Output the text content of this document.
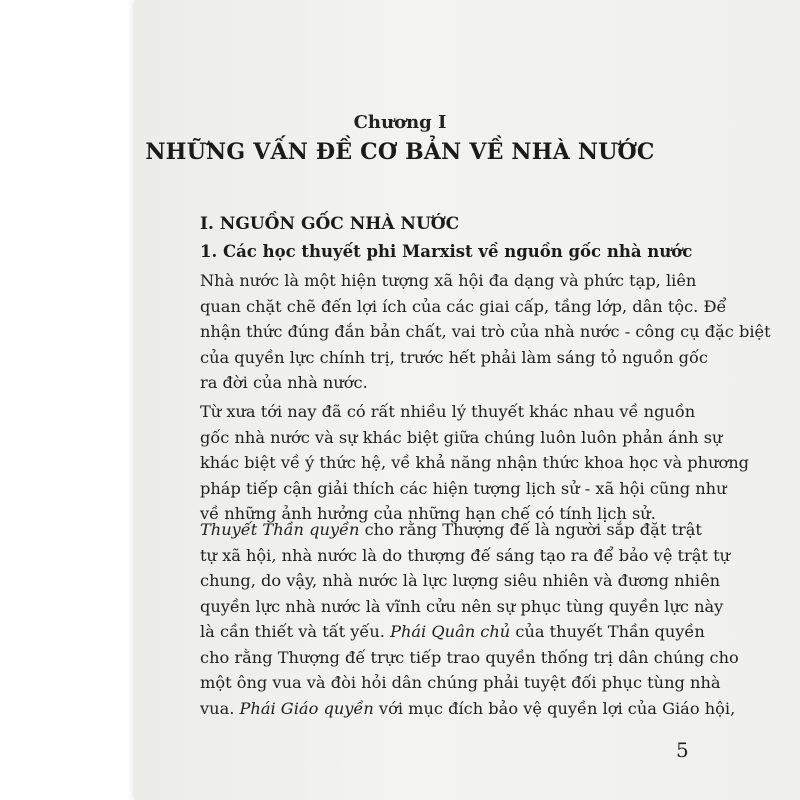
Chương I
NHỮNG VẤN ĐỀ CƠ BẢN VỀ NHÀ NƯỚC
I. NGUỒN GỐC NHÀ NƯỚC
1. Các học thuyết phi Marxist về nguồn gốc nhà nước

Nhà nước là một hiện tượng xã hội đa dạng và phức tạp, liên
quan chặt chẽ đến lợi ích của các giai cấp, tầng lớp, dân tộc. Để
nhận thức đúng đắn bản chất, vai trò của nhà nước - công cụ đặc biệt
của quyền lực chính trị, trước hết phải làm sáng tỏ nguồn gốc
ra đời của nhà nước.

Từ xưa tới nay đã có rất nhiều lý thuyết khác nhau về nguồn
gốc nhà nước và sự khác biệt giữa chúng luôn luôn phản ánh sự
khác biệt về ý thức hệ, về khả năng nhận thức khoa học và phương
pháp tiếp cận giải thích các hiện tượng lịch sử - xã hội cũng như
về những ảnh hưởng của những hạn chế có tính lịch sử.

Thuyết Thần quyền cho rằng Thượng đế là người sắp đặt trật
tự xã hội, nhà nước là do thượng đế sáng tạo ra để bảo vệ trật tự
chung, do vậy, nhà nước là lực lượng siêu nhiên và đương nhiên
quyền lực nhà nước là vĩnh cửu nên sự phục tùng quyền lực này
là cần thiết và tất yếu. Phái Quân chủ của thuyết Thần quyền
cho rằng Thượng đế trực tiếp trao quyền thống trị dân chúng cho
một ông vua và đòi hỏi dân chúng phải tuyệt đối phục tùng nhà
vua. Phái Giáo quyền với mục đích bảo vệ quyền lợi của Giáo hội,

5
